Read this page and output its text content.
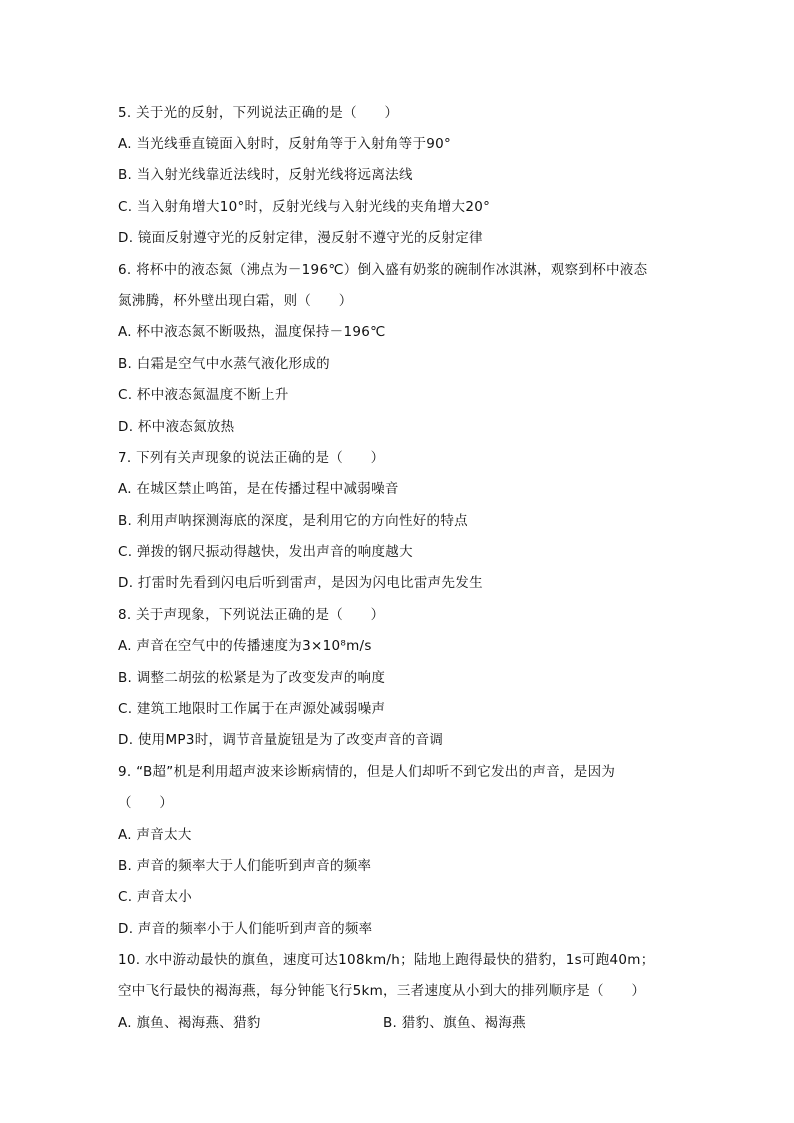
5. 关于光的反射，下列说法正确的是（　　）
A. 当光线垂直镜面入射时，反射角等于入射角等于90°
B. 当入射光线靠近法线时，反射光线将远离法线
C. 当入射角增大10°时，反射光线与入射光线的夹角增大20°
D. 镜面反射遵守光的反射定律，漫反射不遵守光的反射定律
6. 将杯中的液态氮（沸点为－196℃）倒入盛有奶浆的碗制作冰淇淋，观察到杯中液态
氮沸腾，杯外壁出现白霜，则（　　）
A. 杯中液态氮不断吸热，温度保持－196℃
B. 白霜是空气中水蒸气液化形成的
C. 杯中液态氮温度不断上升
D. 杯中液态氮放热
7. 下列有关声现象的说法正确的是（　　）
A. 在城区禁止鸣笛，是在传播过程中减弱噪音
B. 利用声呐探测海底的深度，是利用它的方向性好的特点
C. 弹拨的钢尺振动得越快，发出声音的响度越大
D. 打雷时先看到闪电后听到雷声，是因为闪电比雷声先发生
8. 关于声现象，下列说法正确的是（　　）
A. 声音在空气中的传播速度为3×10⁸m/s
B. 调整二胡弦的松紧是为了改变发声的响度
C. 建筑工地限时工作属于在声源处减弱噪声
D. 使用MP3时，调节音量旋钮是为了改变声音的音调
9. “B超”机是利用超声波来诊断病情的，但是人们却听不到它发出的声音，是因为
（　　）
A. 声音太大
B. 声音的频率大于人们能听到声音的频率
C. 声音太小
D. 声音的频率小于人们能听到声音的频率
10. 水中游动最快的旗鱼，速度可达108km/h；陆地上跑得最快的猎豹，1s可跑40m；
空中飞行最快的褐海燕，每分钟能飞行5km，三者速度从小到大的排列顺序是（　　）
A. 旗鱼、褐海燕、猎豹	B. 猎豹、旗鱼、褐海燕
